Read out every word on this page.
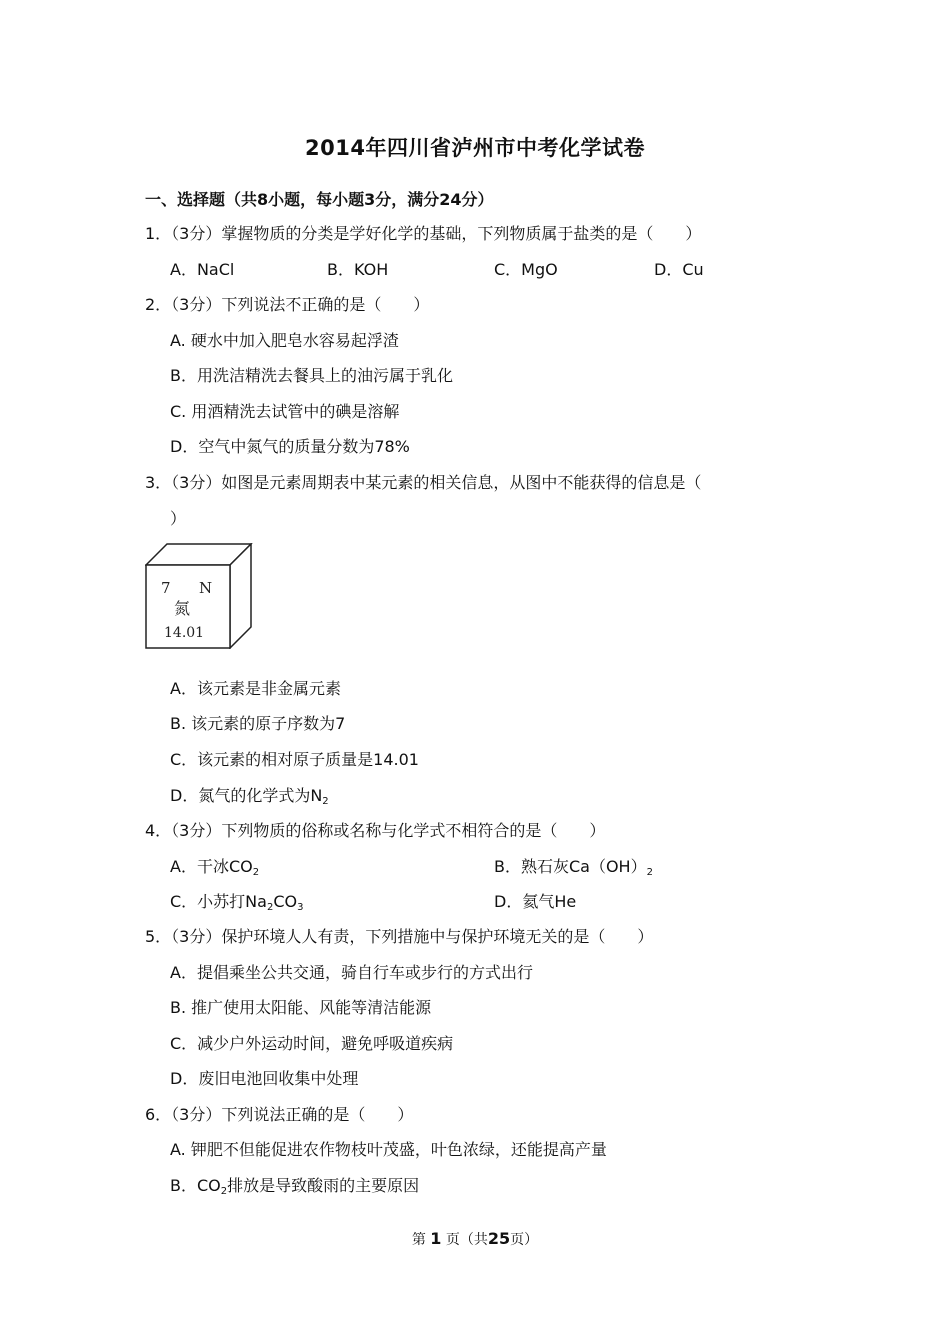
2014年四川省泸州市中考化学试卷
一、选择题（共8小题，每小题3分，满分24分）
1．（3分）掌握物质的分类是学好化学的基础，下列物质属于盐类的是（　　）
A．NaCl	B．KOH	C．MgO	D．Cu
2．（3分）下列说法不正确的是（　　）
A. 硬水中加入肥皂水容易起浮渣
B．用洗洁精洗去餐具上的油污属于乳化
C. 用酒精洗去试管中的碘是溶解
D．空气中氮气的质量分数为78%
3．（3分）如图是元素周期表中某元素的相关信息，从图中不能获得的信息是（
）
7 N
氮
14.01
A．该元素是非金属元素
B. 该元素的原子序数为7
C．该元素的相对原子质量是14.01
D．氮气的化学式为$N_2$
4．（3分）下列物质的俗称或名称与化学式不相符合的是（　　）
A．干冰$CO_2$	B．熟石灰$Ca(OH)_2$
C．小苏打$Na_2CO_3$	D．氦气He
5．（3分）保护环境人人有责，下列措施中与保护环境无关的是（　　）
A．提倡乘坐公共交通，骑自行车或步行的方式出行
B. 推广使用太阳能、风能等清洁能源
C．减少户外运动时间，避免呼吸道疾病
D．废旧电池回收集中处理
6．（3分）下列说法正确的是（　　）
A. 钾肥不但能促进农作物枝叶茂盛，叶色浓绿，还能提高产量
B．$CO_2$排放是导致酸雨的主要原因
第 1 页（共25页）
